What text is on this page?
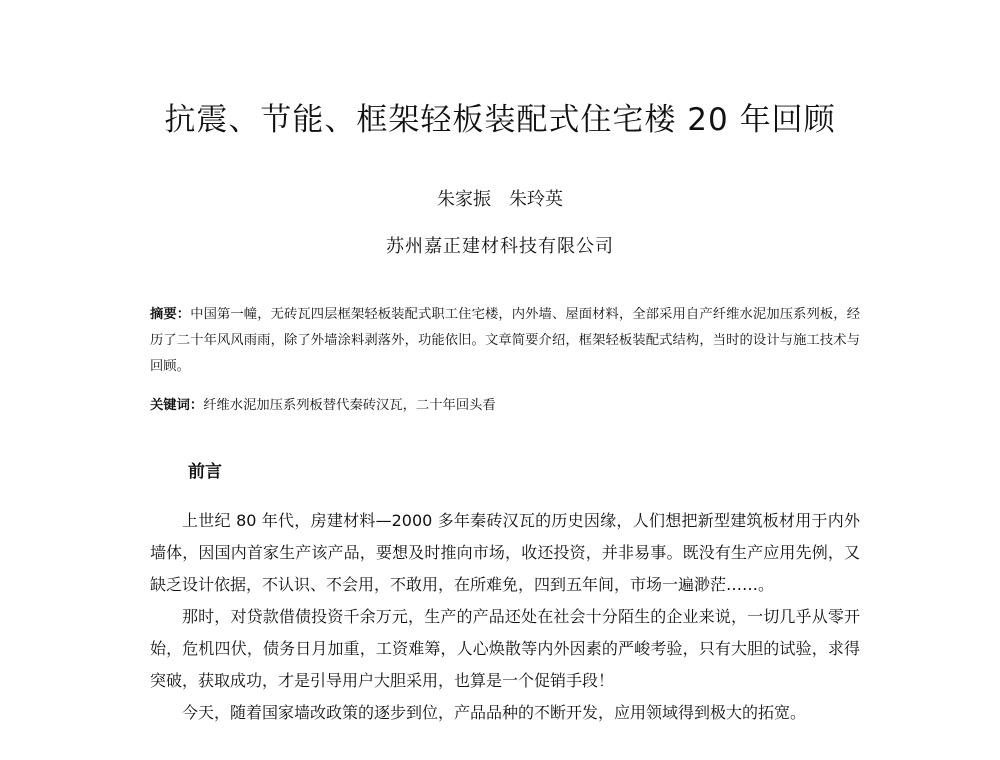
抗震、节能、框架轻板装配式住宅楼 20 年回顾
朱家振 朱玲英
苏州嘉正建材科技有限公司

摘要：中国第一幢，无砖瓦四层框架轻板装配式职工住宅楼，内外墙、屋面材料，全部采用自产纤维水泥加压系列板，经历了二十年风风雨雨，除了外墙涂料剥落外，功能依旧。文章简要介绍，框架轻板装配式结构，当时的设计与施工技术与回顾。

关键词：纤维水泥加压系列板替代秦砖汉瓦，二十年回头看

前言

上世纪 80 年代，房建材料—2000 多年秦砖汉瓦的历史因缘，人们想把新型建筑板材用于内外墙体，因国内首家生产该产品，要想及时推向市场，收还投资，并非易事。既没有生产应用先例，又缺乏设计依据，不认识、不会用，不敢用，在所难免，四到五年间，市场一遍渺茫……。

那时，对贷款借债投资千余万元，生产的产品还处在社会十分陌生的企业来说，一切几乎从零开始，危机四伏，债务日月加重，工资难筹，人心焕散等内外因素的严峻考验，只有大胆的试验，求得突破，获取成功，才是引导用户大胆采用，也算是一个促销手段！

今天，随着国家墙改政策的逐步到位，产品品种的不断开发，应用领域得到极大的拓宽。
